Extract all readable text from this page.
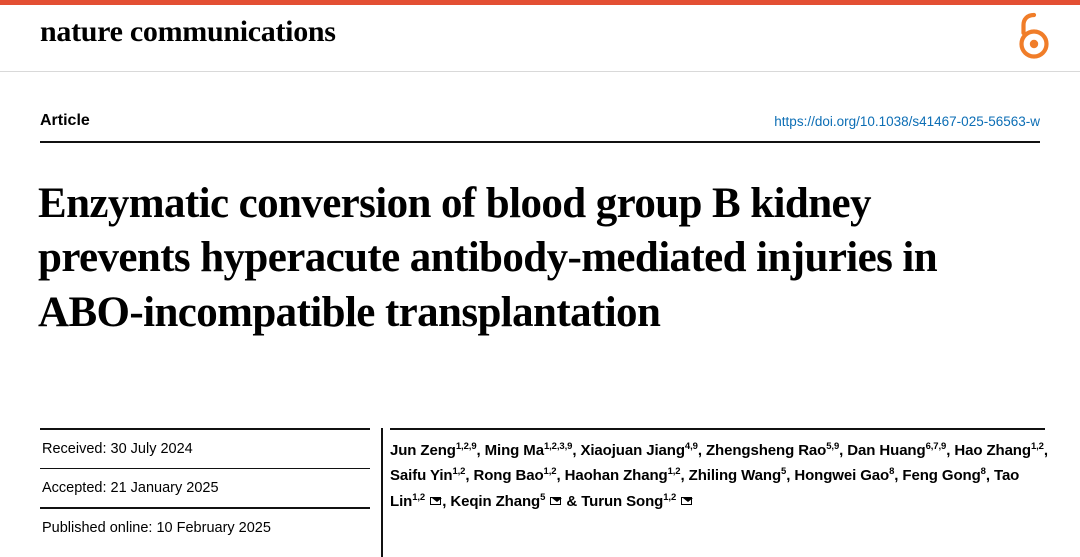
nature communications
Article	https://doi.org/10.1038/s41467-025-56563-w
Enzymatic conversion of blood group B kidney prevents hyperacute antibody-mediated injuries in ABO-incompatible transplantation
Received: 30 July 2024
Accepted: 21 January 2025
Published online: 10 February 2025
Jun Zeng$^{1,2,9}$, Ming Ma$^{1,2,3,9}$, Xiaojuan Jiang$^{4,9}$, Zhengsheng Rao$^{5,9}$, Dan Huang$^{6,7,9}$, Hao Zhang$^{1,2}$, Saifu Yin$^{1,2}$, Rong Bao$^{1,2}$, Haohan Zhang$^{1,2}$, Zhiling Wang$^5$, Hongwei Gao$^8$, Feng Gong$^8$, Tao Lin$^{1,2}$ , Keqin Zhang$^5$  & Turun Song$^{1,2}$
